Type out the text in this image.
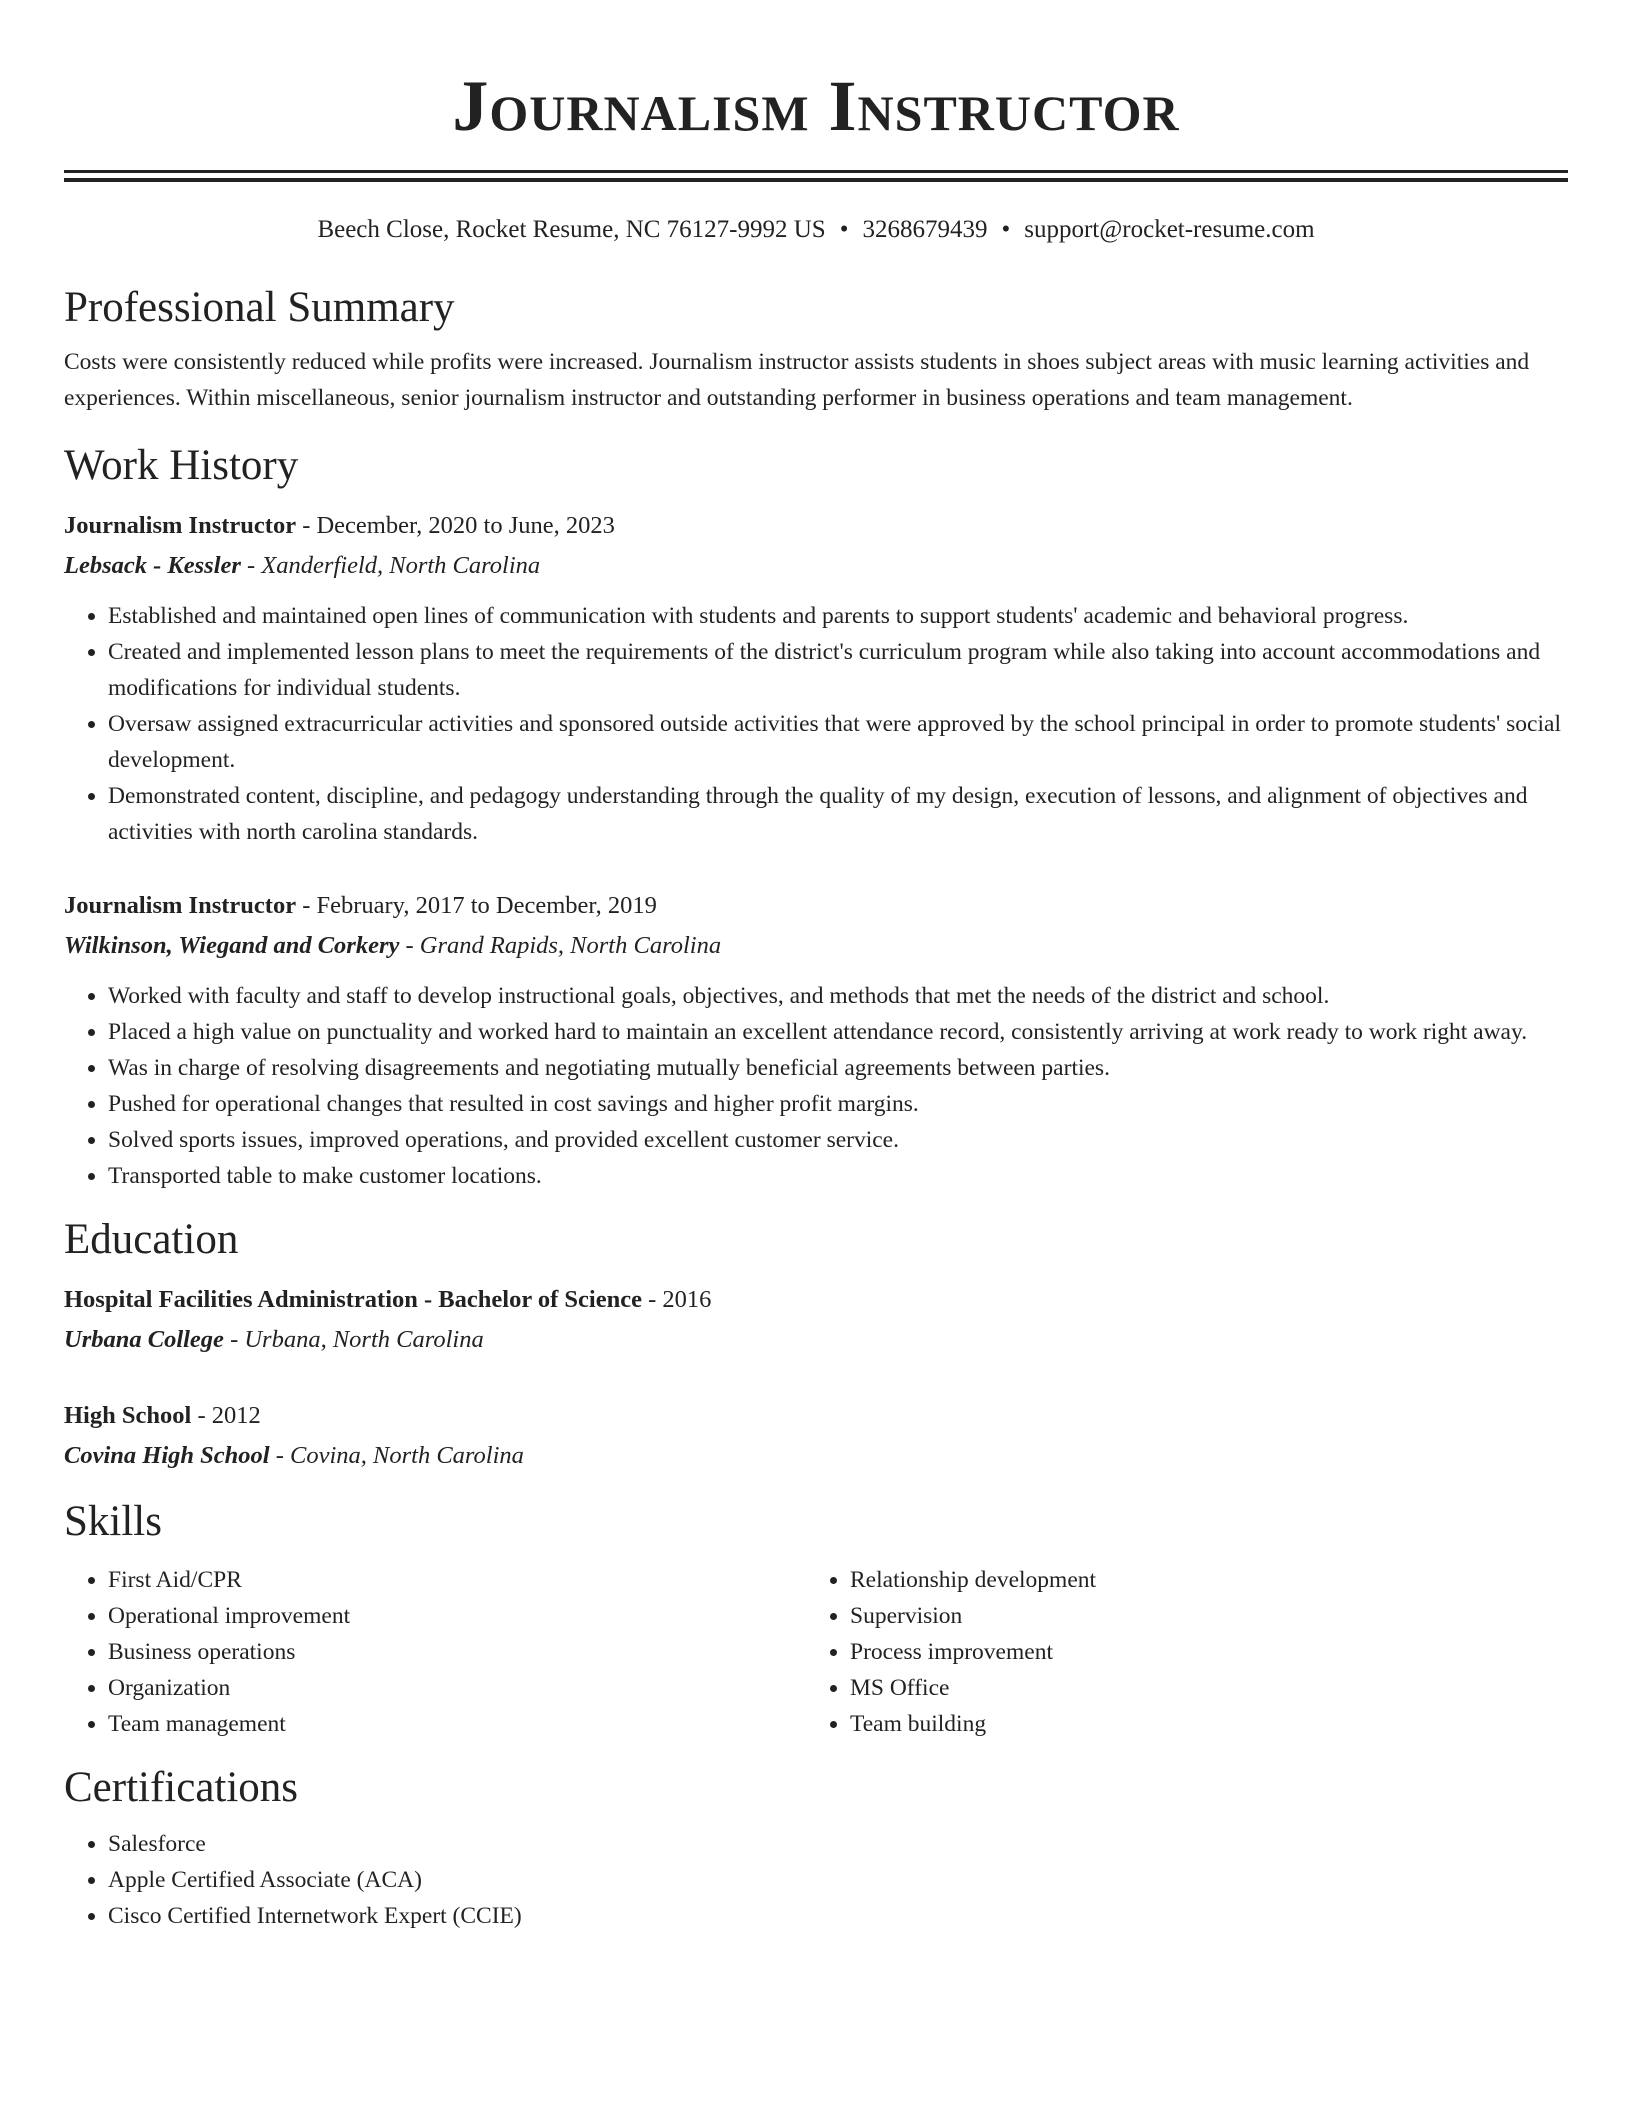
Journalism Instructor
Beech Close, Rocket Resume, NC 76127-9992 US • 3268679439 • support@rocket-resume.com
Professional Summary

Costs were consistently reduced while profits were increased. Journalism instructor assists students in shoes subject areas with music learning activities and experiences. Within miscellaneous, senior journalism instructor and outstanding performer in business operations and team management.

Work History
Journalism Instructor - December, 2020 to June, 2023
Lebsack - Kessler - Xanderfield, North Carolina
• Established and maintained open lines of communication with students and parents to support students' academic and behavioral progress.
• Created and implemented lesson plans to meet the requirements of the district's curriculum program while also taking into account accommodations and modifications for individual students.
• Oversaw assigned extracurricular activities and sponsored outside activities that were approved by the school principal in order to promote students' social development.
• Demonstrated content, discipline, and pedagogy understanding through the quality of my design, execution of lessons, and alignment of objectives and activities with north carolina standards.
Journalism Instructor - February, 2017 to December, 2019
Wilkinson, Wiegand and Corkery - Grand Rapids, North Carolina
• Worked with faculty and staff to develop instructional goals, objectives, and methods that met the needs of the district and school.
• Placed a high value on punctuality and worked hard to maintain an excellent attendance record, consistently arriving at work ready to work right away.
• Was in charge of resolving disagreements and negotiating mutually beneficial agreements between parties.
• Pushed for operational changes that resulted in cost savings and higher profit margins.
• Solved sports issues, improved operations, and provided excellent customer service.
• Transported table to make customer locations.
Education
Hospital Facilities Administration - Bachelor of Science - 2016
Urbana College - Urbana, North Carolina
High School - 2012
Covina High School - Covina, North Carolina
Skills
• First Aid/CPR
• Operational improvement
• Business operations
• Organization
• Team management
• Relationship development
• Supervision
• Process improvement
• MS Office
• Team building
Certifications
• Salesforce
• Apple Certified Associate (ACA)
• Cisco Certified Internetwork Expert (CCIE)
